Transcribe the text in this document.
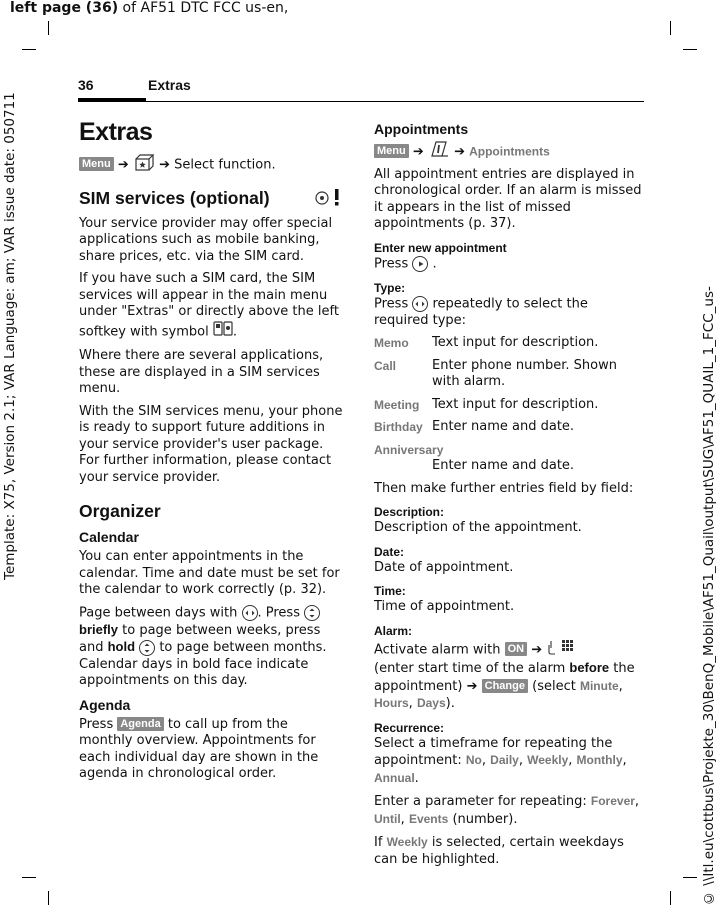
left page (36) of AF51 DTC FCC us-en,
Template: X75, Version 2.1; VAR Language: am; VAR issue date: 050711	© \\Itl.eu\cottbus\Projekte_30\BenQ_Mobile\AF51_Quail\output\SUG\AF51_QUAIL_1_FCC_us-
36	Extras
Extras

Menu ➔ ➔ Select function.

SIM services (optional)

Your service provider may offer special applications such as mobile banking, share prices, etc. via the SIM card.

If you have such a SIM card, the SIM services will appear in the main menu under "Extras" or directly above the left softkey with symbol .

Where there are several applications, these are displayed in a SIM services menu.

With the SIM services menu, your phone is ready to support future additions in your service provider's user package. For further information, please contact your service provider.

Organizer
Calendar

You can enter appointments in the calendar. Time and date must be set for the calendar to work correctly (p. 32).

Page between days with . Press
briefly to page between weeks, press and hold to page between months. Calendar days in bold face indicate appointments on this day.

Agenda

Press Agenda to call up from the monthly overview. Appointments for each individual day are shown in the agenda in chronological order.

Appointments

Menu ➔ ➔ Appointments

All appointment entries are displayed in chronological order. If an alarm is missed it appears in the list of missed appointments (p. 37).

Enter new appointment

Press
.

Type:

Press repeatedly to select the required type:

Memo	Text input for description.
Call	Enter phone number. Shown with alarm.
Meeting Text input for description.
Birthday Enter name and date.
Anniversary
Enter name and date.

Then make further entries field by field:

Description:

Description of the appointment.

Date:

Date of appointment.

Time:

Time of appointment.

Alarm:

Activate alarm with ON ➔
(enter start time of the alarm before the appointment) ➔ Change (select Minute, Hours, Days).

Recurrence:

Select a timeframe for repeating the appointment: No, Daily, Weekly, Monthly, Annual.

Enter a parameter for repeating: Forever, Until, Events (number).

If Weekly is selected, certain weekdays can be highlighted.
